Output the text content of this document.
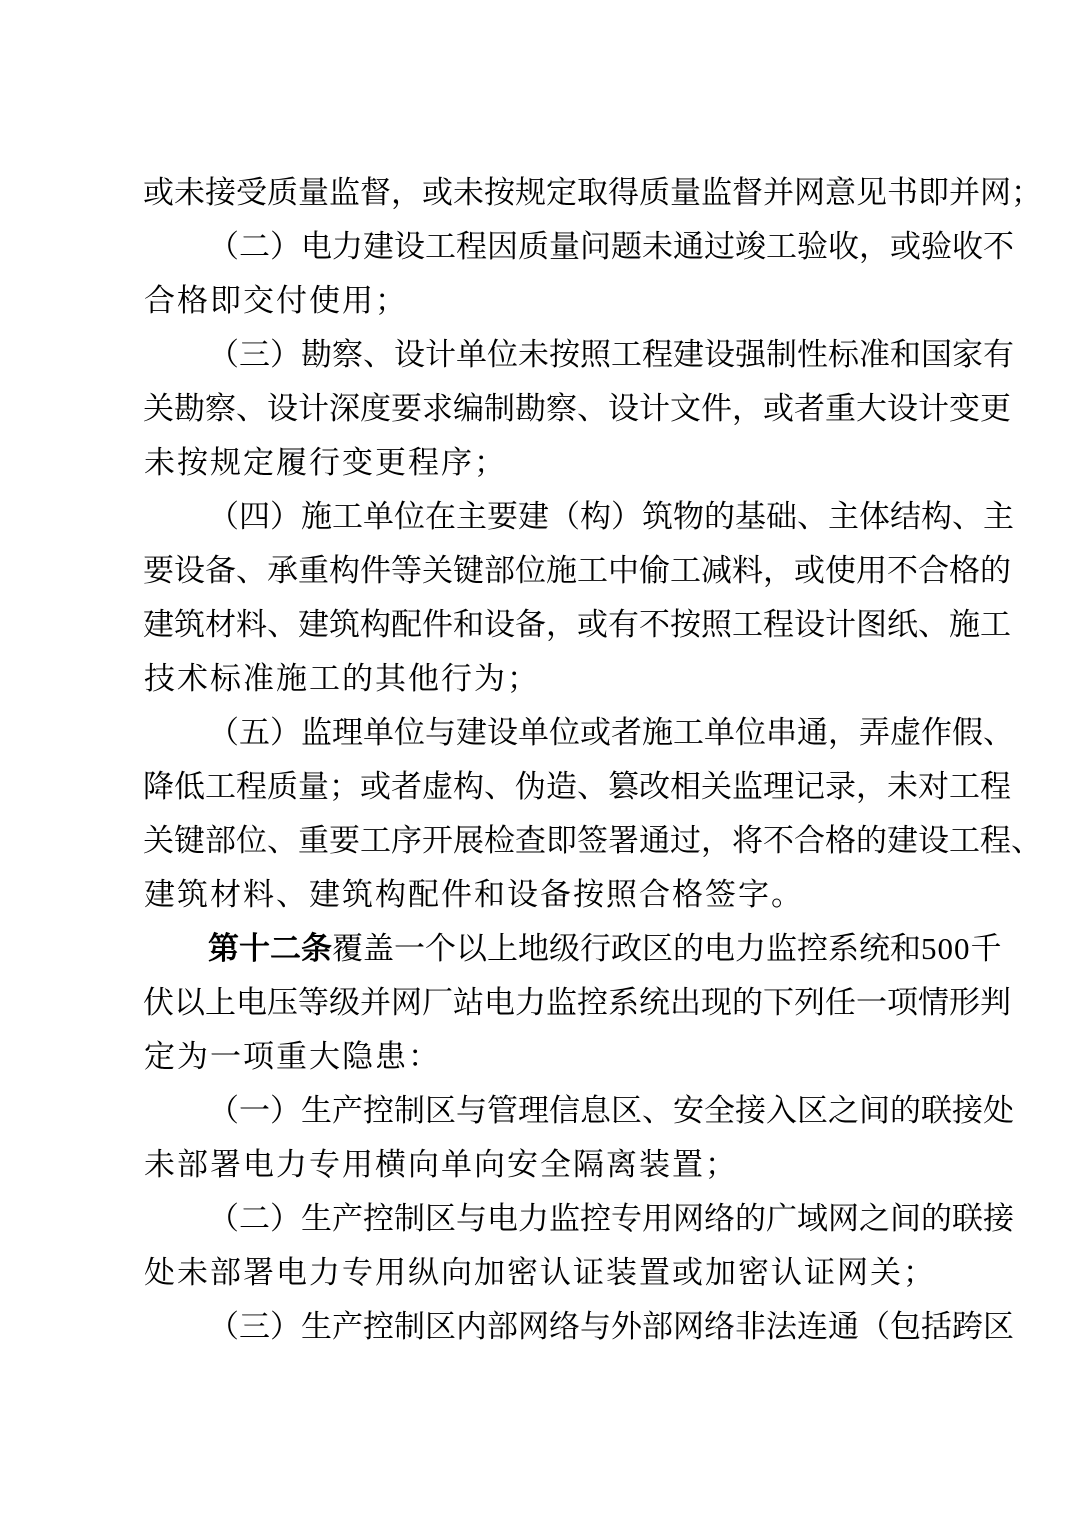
或 未 接 受 质 量 监 督 ， 或 未 按 规 定 取 得 质 量 监 督 并 网 意 见 书 即 并 网 ；
（ 二 ） 电 力 建 设 工 程 因 质 量 问 题 未 通 过 竣 工 验 收 ， 或 验 收 不
合 格 即 交 付 使 用 ；
（ 三 ） 勘 察 、 设 计 单 位 未 按 照 工 程 建 设 强 制 性 标 准 和 国 家 有
关 勘 察 、 设 计 深 度 要 求 编 制 勘 察 、 设 计 文 件 ， 或 者 重 大 设 计 变 更
未 按 规 定 履 行 变 更 程 序 ；
（ 四 ） 施 工 单 位 在 主 要 建 （ 构 ） 筑 物 的 基 础 、 主 体 结 构 、 主
要 设 备 、 承 重 构 件 等 关 键 部 位 施 工 中 偷 工 减 料 ， 或 使 用 不 合 格 的
建 筑 材 料 、 建 筑 构 配 件 和 设 备 ， 或 有 不 按 照 工 程 设 计 图 纸 、 施 工
技 术 标 准 施 工 的 其 他 行 为 ；
（ 五 ） 监 理 单 位 与 建 设 单 位 或 者 施 工 单 位 串 通 ， 弄 虚 作 假 、
降 低 工 程 质 量 ； 或 者 虚 构 、 伪 造 、 篡 改 相 关 监 理 记 录 ， 未 对 工 程
关 键 部 位 、 重 要 工 序 开 展 检 查 即 签 署 通 过 ， 将 不 合 格 的 建 设 工 程 、
建 筑 材 料 、 建 筑 构 配 件 和 设 备 按 照 合 格 签 字 。
第 十 二 条 覆 盖 一 个 以 上 地 级 行 政 区 的 电 力 监 控 系 统 和 500 千
伏 以 上 电 压 等 级 并 网 厂 站 电 力 监 控 系 统 出 现 的 下 列 任 一 项 情 形 判
定 为 一 项 重 大 隐 患 ：
（ 一 ） 生 产 控 制 区 与 管 理 信 息 区 、 安 全 接 入 区 之 间 的 联 接 处
未 部 署 电 力 专 用 横 向 单 向 安 全 隔 离 装 置 ；
（ 二 ） 生 产 控 制 区 与 电 力 监 控 专 用 网 络 的 广 域 网 之 间 的 联 接
处 未 部 署 电 力 专 用 纵 向 加 密 认 证 装 置 或 加 密 认 证 网 关 ；
（ 三 ） 生 产 控 制 区 内 部 网 络 与 外 部 网 络 非 法 连 通 （ 包 括 跨 区
